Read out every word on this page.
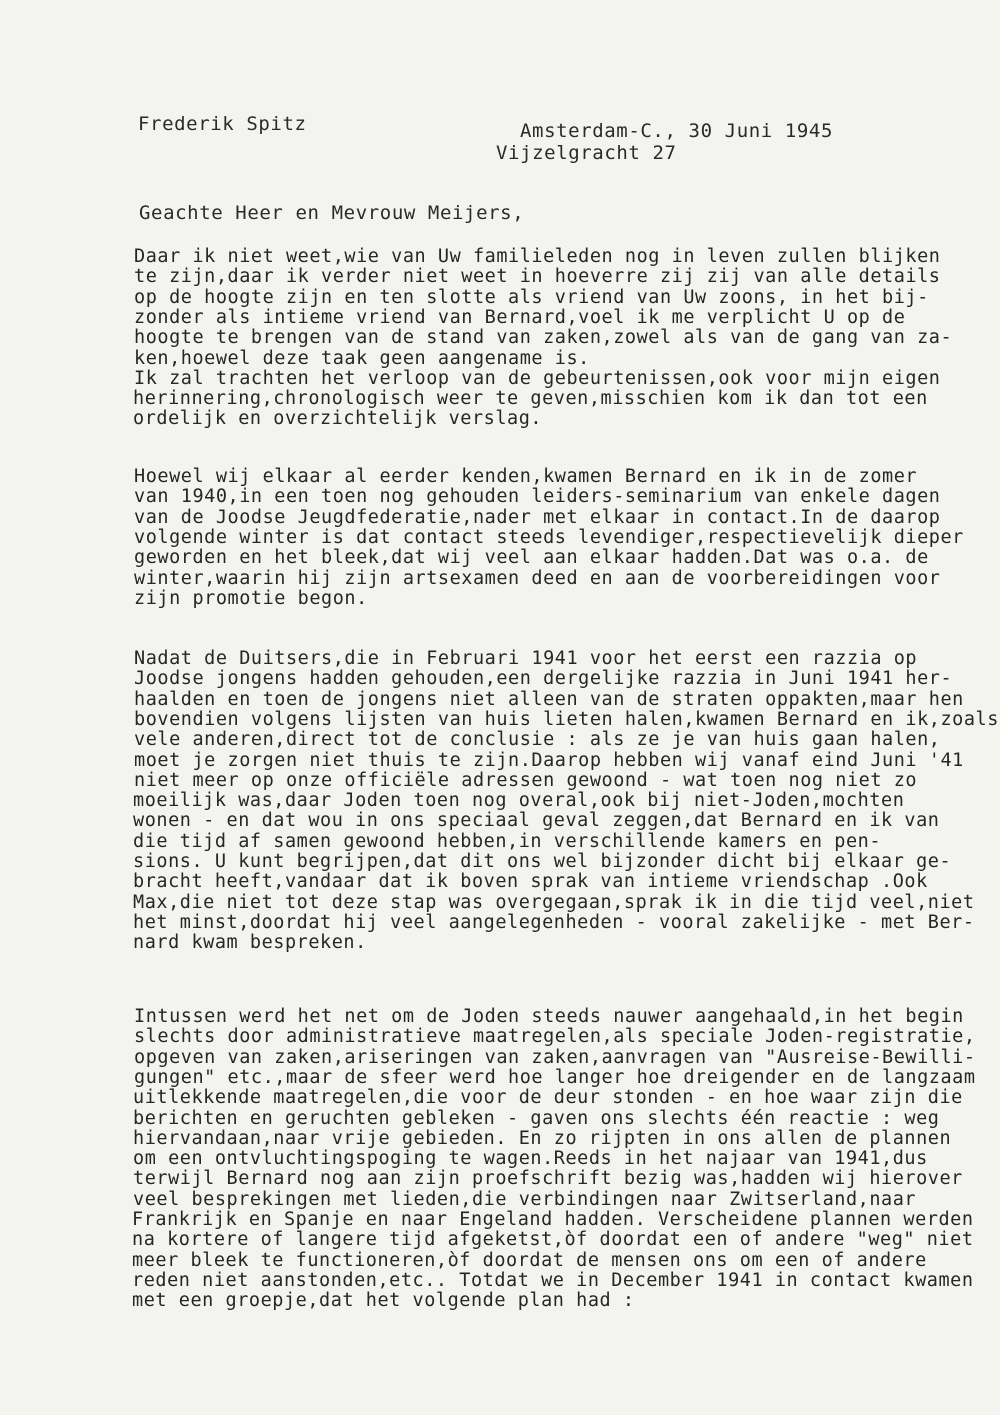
Frederik Spitz	Amsterdam-C., 30 Juni 1945
Vijzelgracht 27
Geachte Heer en Mevrouw Meijers,
Daar ik niet weet,wie van Uw familieleden nog in leven zullen blijken
te zijn,daar ik verder niet weet in hoeverre zij zij van alle details
op de hoogte zijn en ten slotte als vriend van Uw zoons, in het bij-
zonder als intieme vriend van Bernard,voel ik me verplicht U op de
hoogte te brengen van de stand van zaken,zowel als van de gang van za-
ken,hoewel deze taak geen aangename is.
Ik zal trachten het verloop van de gebeurtenissen,ook voor mijn eigen
herinnering,chronologisch weer te geven,misschien kom ik dan tot een
ordelijk en overzichtelijk verslag.
Hoewel wij elkaar al eerder kenden,kwamen Bernard en ik in de zomer
van 1940,in een toen nog gehouden leiders-seminarium van enkele dagen
van de Joodse Jeugdfederatie,nader met elkaar in contact.In de daarop
volgende winter is dat contact steeds levendiger,respectievelijk dieper
geworden en het bleek,dat wij veel aan elkaar hadden.Dat was o.a. de
winter,waarin hij zijn artsexamen deed en aan de voorbereidingen voor
zijn promotie begon.
Nadat de Duitsers,die in Februari 1941 voor het eerst een razzia op
Joodse jongens hadden gehouden,een dergelijke razzia in Juni 1941 her-
haalden en toen de jongens niet alleen van de straten oppakten,maar hen
bovendien volgens lijsten van huis lieten halen,kwamen Bernard en ik,zoals
vele anderen,direct tot de conclusie : als ze je van huis gaan halen,
moet je zorgen niet thuis te zijn.Daarop hebben wij vanaf eind Juni '41
niet meer op onze officiële adressen gewoond - wat toen nog niet zo
moeilijk was,daar Joden toen nog overal,ook bij niet-Joden,mochten
wonen - en dat wou in ons speciaal geval zeggen,dat Bernard en ik van
die tijd af samen gewoond hebben,in verschillende kamers en pen-
sions. U kunt begrijpen,dat dit ons wel bijzonder dicht bij elkaar ge-
bracht heeft,vandaar dat ik boven sprak van intieme vriendschap .Ook
Max,die niet tot deze stap was overgegaan,sprak ik in die tijd veel,niet
het minst,doordat hij veel aangelegenheden - vooral zakelijke - met Ber-
nard kwam bespreken.
Intussen werd het net om de Joden steeds nauwer aangehaald,in het begin
slechts door administratieve maatregelen,als speciale Joden-registratie,
opgeven van zaken,ariseringen van zaken,aanvragen van "Ausreise-Bewilli-
gungen" etc.,maar de sfeer werd hoe langer hoe dreigender en de langzaam
uitlekkende maatregelen,die voor de deur stonden - en hoe waar zijn die
berichten en geruchten gebleken - gaven ons slechts één reactie : weg
hiervandaan,naar vrije gebieden. En zo rijpten in ons allen de plannen
om een ontvluchtingspoging te wagen.Reeds in het najaar van 1941,dus
terwijl Bernard nog aan zijn proefschrift bezig was,hadden wij hierover
veel besprekingen met lieden,die verbindingen naar Zwitserland,naar
Frankrijk en Spanje en naar Engeland hadden. Verscheidene plannen werden
na kortere of langere tijd afgeketst,òf doordat een of andere "weg" niet
meer bleek te functioneren,òf doordat de mensen ons om een of andere
reden niet aanstonden,etc.. Totdat we in December 1941 in contact kwamen
met een groepje,dat het volgende plan had :
